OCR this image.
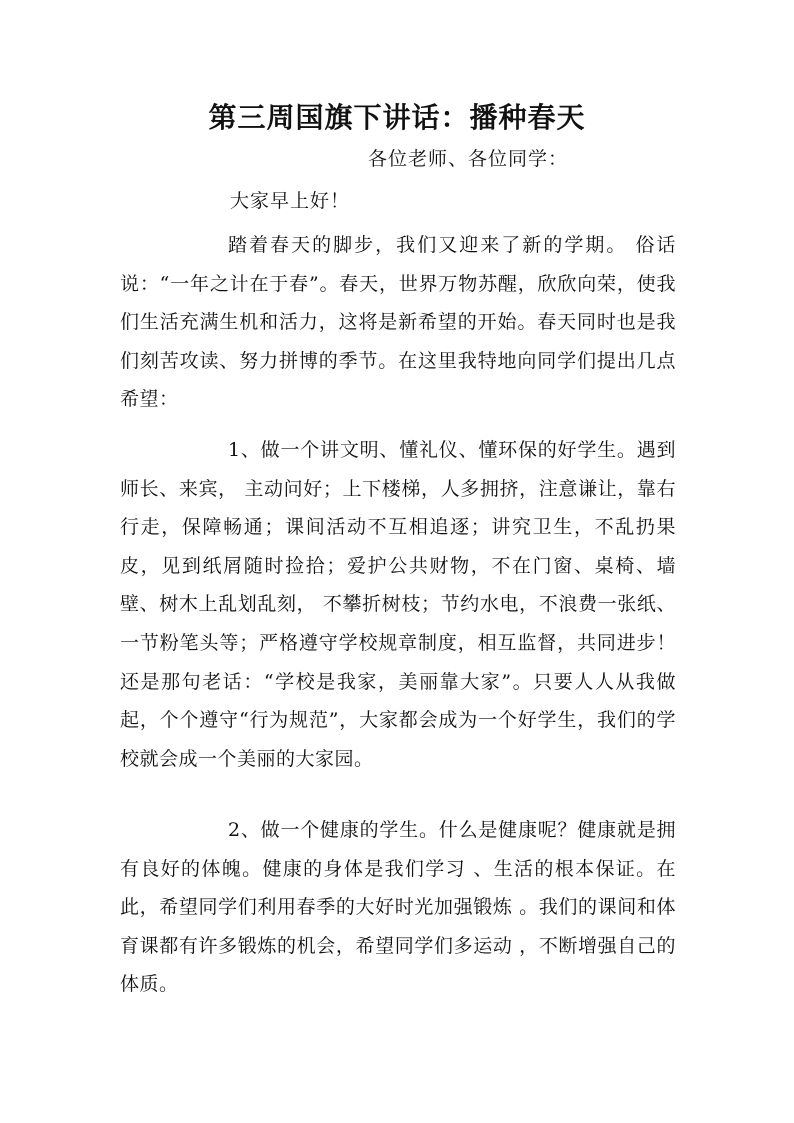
第三周国旗下讲话：播种春天
各位老师、各位同学：
大家早上好！
踏着春天的脚步，我们又迎来了新的学期。 俗话说：“一年之计在于春”。春天，世界万物苏醒，欣欣向荣，使我们生活充满生机和活力，这将是新希望的开始。春天同时也是我们刻苦攻读、努力拼博的季节。在这里我特地向同学们提出几点希望：
1、做一个讲文明、懂礼仪、懂环保的好学生。遇到师长、来宾， 主动问好；上下楼梯，人多拥挤，注意谦让，靠右行走，保障畅通；课间活动不互相追逐；讲究卫生，不乱扔果皮，见到纸屑随时捡拾；爱护公共财物，不在门窗、桌椅、墙壁、树木上乱划乱刻， 不攀折树枝；节约水电，不浪费一张纸、一节粉笔头等；严格遵守学校规章制度，相互监督，共同进步！ 还是那句老话：“学校是我家，美丽靠大家”。只要人人从我做起，个个遵守“行为规范”，大家都会成为一个好学生，我们的学校就会成一个美丽的大家园。
2、做一个健康的学生。什么是健康呢？健康就是拥有良好的体魄。健康的身体是我们学习 、生活的根本保证。在此，希望同学们利用春季的大好时光加强锻炼 。我们的课间和体育课都有许多锻炼的机会，希望同学们多运动 ，不断增强自己的体质。
